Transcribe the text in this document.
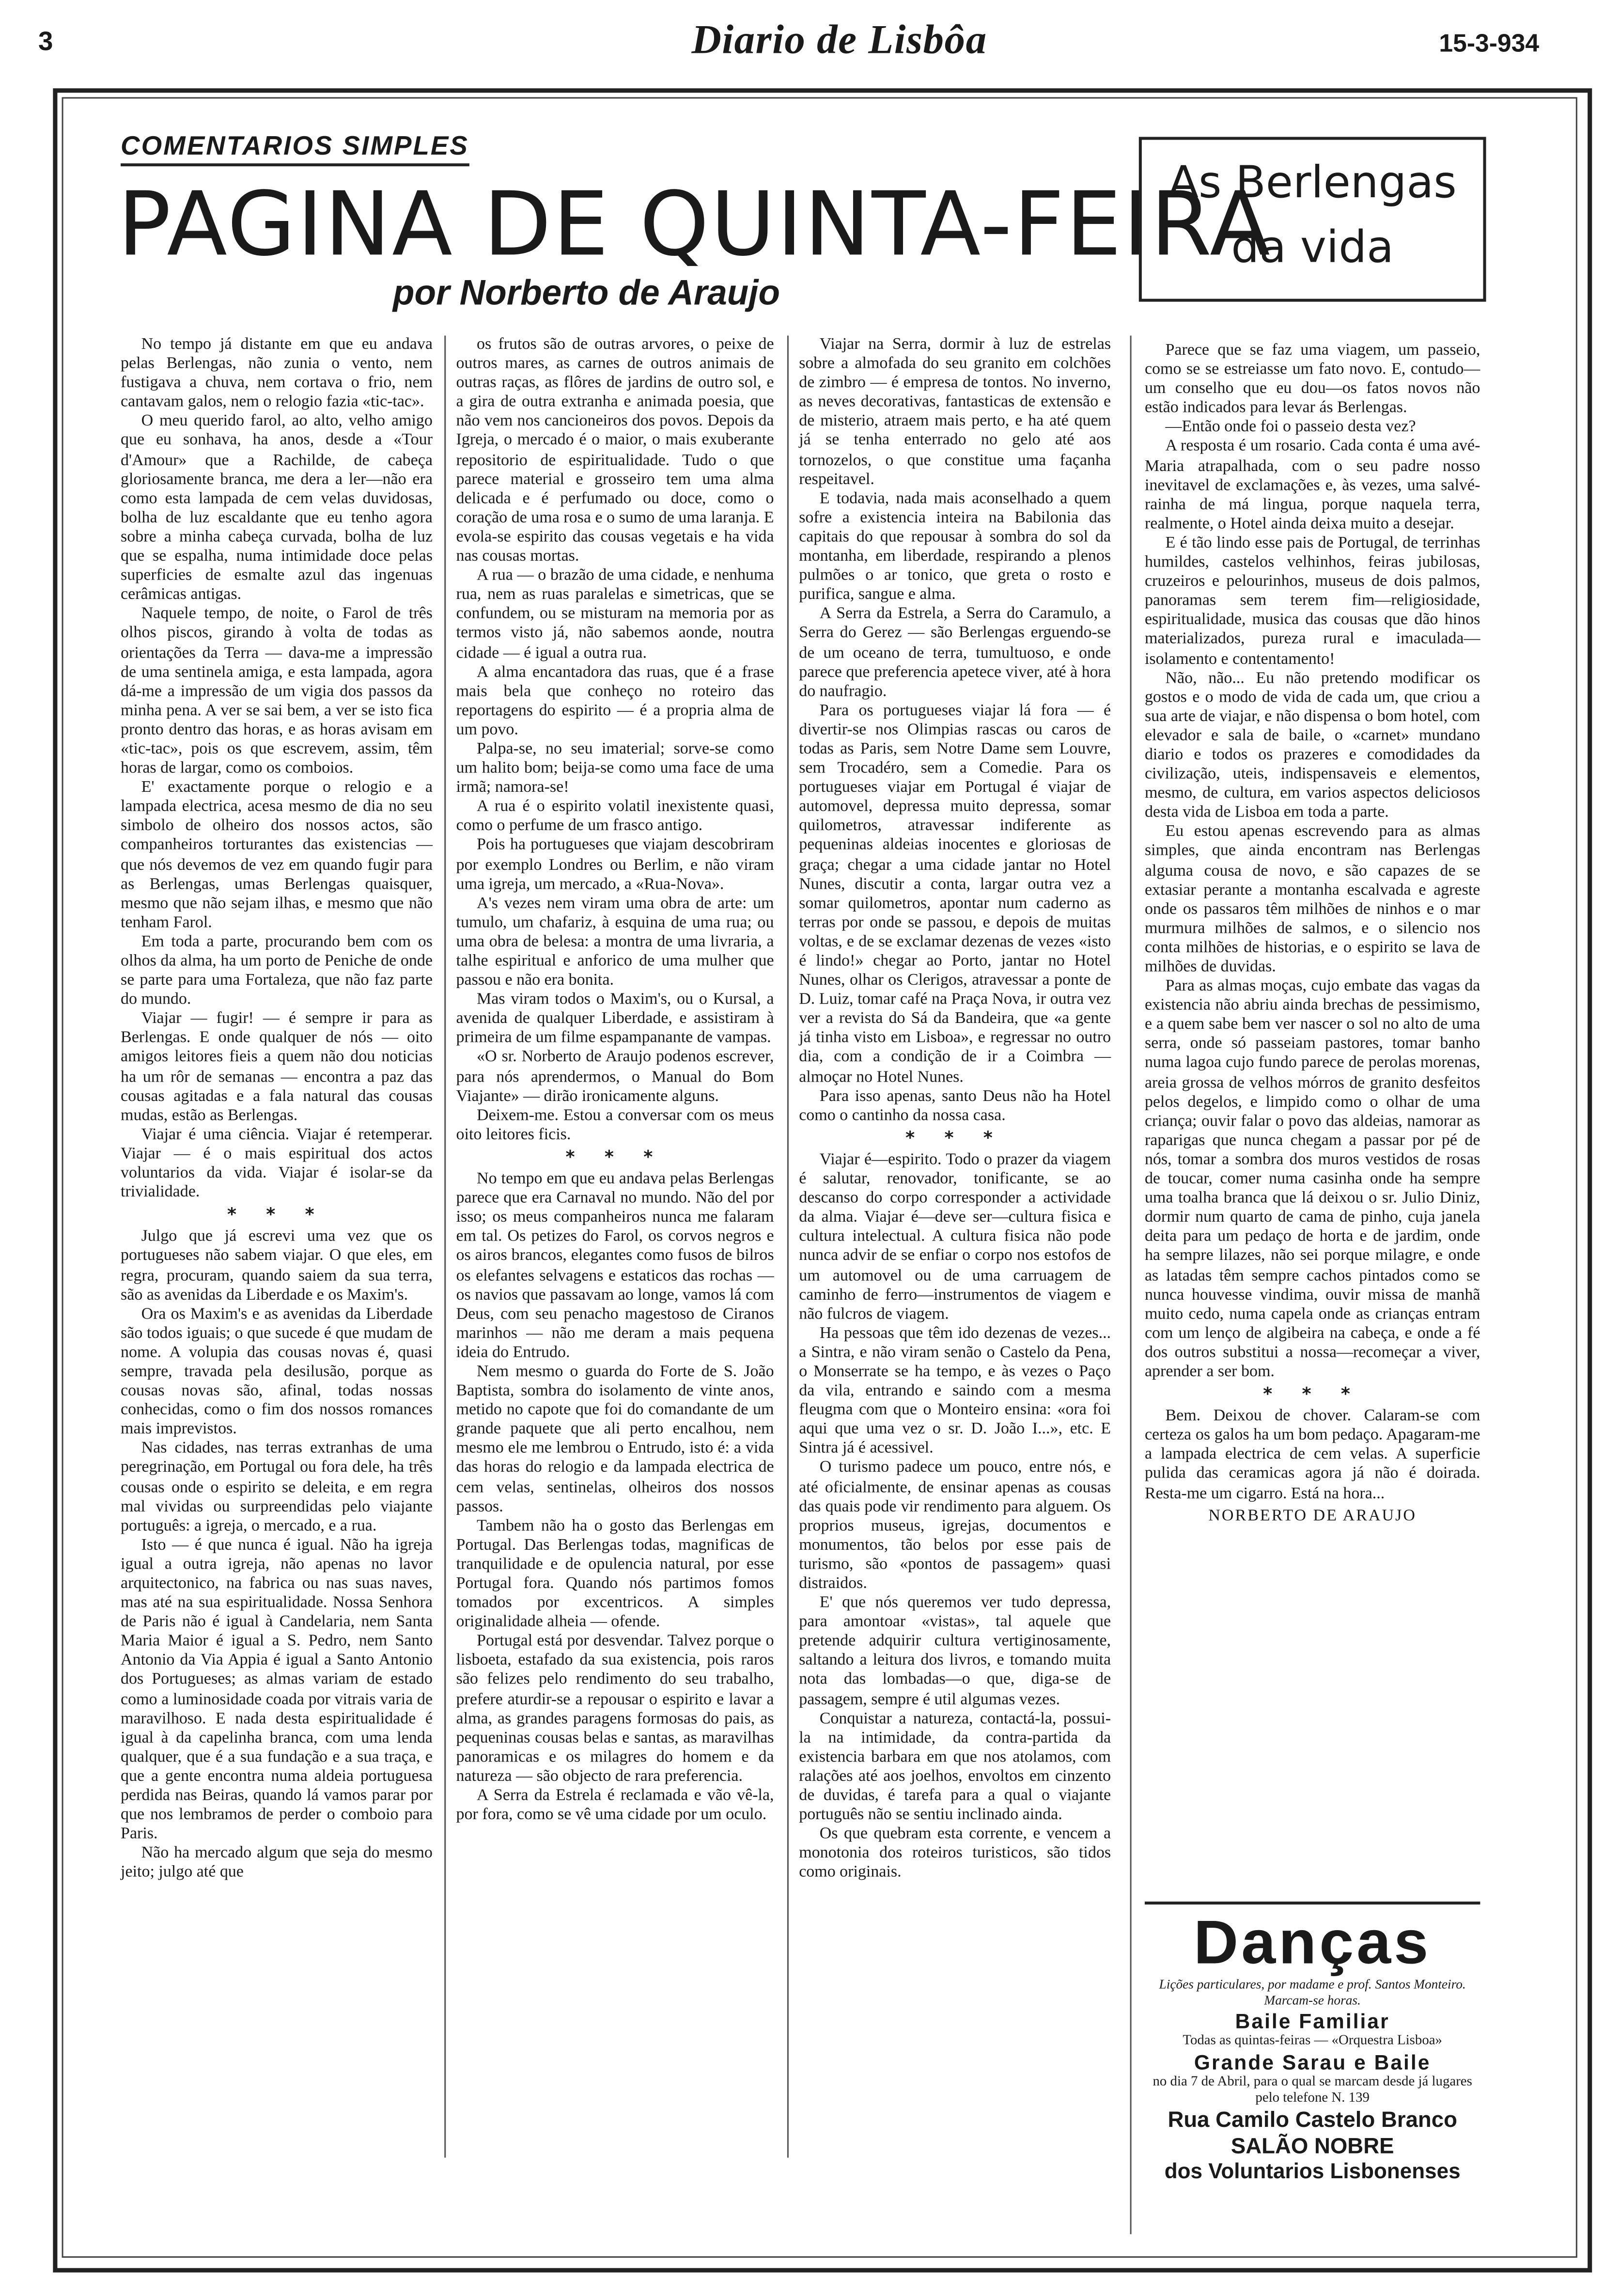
3	Diario de Lisbôa	15-3-934
COMENTARIOS SIMPLES
PAGINA DE QUINTA-FEIRA
por Norberto de Araujo
As Berlengas
da vida

No tempo já distante em que eu andava pelas Berlengas, não zunia o vento, nem fustigava a chuva, nem cortava o frio, nem cantavam galos, nem o relogio fazia «tic-tac».

O meu querido farol, ao alto, velho amigo que eu sonhava, ha anos, desde a «Tour d'Amour» que a Rachilde, de cabeça gloriosamente branca, me dera a ler—não era como esta lampada de cem velas duvidosas, bolha de luz escaldante que eu tenho agora sobre a minha cabeça curvada, bolha de luz que se espalha, numa intimidade doce pelas superficies de esmalte azul das ingenuas cerâmicas antigas.

Naquele tempo, de noite, o Farol de três olhos piscos, girando à volta de todas as orientações da Terra — dava-me a impressão de uma sentinela amiga, e esta lampada, agora dá-me a impressão de um vigia dos passos da minha pena. A ver se sai bem, a ver se isto fica pronto dentro das horas, e as horas avisam em «tic-tac», pois os que escrevem, assim, têm horas de largar, como os comboios.

E' exactamente porque o relogio e a lampada electrica, acesa mesmo de dia no seu simbolo de olheiro dos nossos actos, são companheiros torturantes das existencias — que nós devemos de vez em quando fugir para as Berlengas, umas Berlengas quaisquer, mesmo que não sejam ilhas, e mesmo que não tenham Farol.

Em toda a parte, procurando bem com os olhos da alma, ha um porto de Peniche de onde se parte para uma Fortaleza, que não faz parte do mundo.

Viajar — fugir! — é sempre ir para as Berlengas. E onde qualquer de nós — oito amigos leitores fieis a quem não dou noticias ha um rôr de semanas — encontra a paz das cousas agitadas e a fala natural das cousas mudas, estão as Berlengas.

Viajar é uma ciência. Viajar é retemperar. Viajar — é o mais espiritual dos actos voluntarios da vida. Viajar é isolar-se da trivialidade.

* * *

Julgo que já escrevi uma vez que os portugueses não sabem viajar. O que eles, em regra, procuram, quando saiem da sua terra, são as avenidas da Liberdade e os Maxim's.

Ora os Maxim's e as avenidas da Liberdade são todos iguais; o que sucede é que mudam de nome. A volupia das cousas novas é, quasi sempre, travada pela desilusão, porque as cousas novas são, afinal, todas nossas conhecidas, como o fim dos nossos romances mais imprevistos.

Nas cidades, nas terras extranhas de uma peregrinação, em Portugal ou fora dele, ha três cousas onde o espirito se deleita, e em regra mal vividas ou surpreendidas pelo viajante português: a igreja, o mercado, e a rua.

Isto — é que nunca é igual. Não ha igreja igual a outra igreja, não apenas no lavor arquitectonico, na fabrica ou nas suas naves, mas até na sua espiritualidade. Nossa Senhora de Paris não é igual à Candelaria, nem Santa Maria Maior é igual a S. Pedro, nem Santo Antonio da Via Appia é igual a Santo Antonio dos Portugueses; as almas variam de estado como a luminosidade coada por vitrais varia de maravilhoso. E nada desta espiritualidade é igual à da capelinha branca, com uma lenda qualquer, que é a sua fundação e a sua traça, e que a gente encontra numa aldeia portuguesa perdida nas Beiras, quando lá vamos parar por que nos lembramos de perder o comboio para Paris.

Não ha mercado algum que seja do mesmo jeito; julgo até que

os frutos são de outras arvores, o peixe de outros mares, as carnes de outros animais de outras raças, as flôres de jardins de outro sol, e a gira de outra extranha e animada poesia, que não vem nos cancioneiros dos povos. Depois da Igreja, o mercado é o maior, o mais exuberante repositorio de espiritualidade. Tudo o que parece material e grosseiro tem uma alma delicada e é perfumado ou doce, como o coração de uma rosa e o sumo de uma laranja. E evola-se espirito das cousas vegetais e ha vida nas cousas mortas.

A rua — o brazão de uma cidade, e nenhuma rua, nem as ruas paralelas e simetricas, que se confundem, ou se misturam na memoria por as termos visto já, não sabemos aonde, noutra cidade — é igual a outra rua.

A alma encantadora das ruas, que é a frase mais bela que conheço no roteiro das reportagens do espirito — é a propria alma de um povo.

Palpa-se, no seu imaterial; sorve-se como um halito bom; beija-se como uma face de uma irmã; namora-se!

A rua é o espirito volatil inexistente quasi, como o perfume de um frasco antigo.

Pois ha portugueses que viajam descobriram por exemplo Londres ou Berlim, e não viram uma igreja, um mercado, a «Rua-Nova».

A's vezes nem viram uma obra de arte: um tumulo, um chafariz, à esquina de uma rua; ou uma obra de belesa: a montra de uma livraria, a talhe espiritual e anforico de uma mulher que passou e não era bonita.

Mas viram todos o Maxim's, ou o Kursal, a avenida de qualquer Liberdade, e assistiram à primeira de um filme espampanante de vampas.

«O sr. Norberto de Araujo podenos escrever, para nós aprendermos, o Manual do Bom Viajante» — dirão ironicamente alguns.

Deixem-me. Estou a conversar com os meus oito leitores ficis.

* * *

No tempo em que eu andava pelas Berlengas parece que era Carnaval no mundo. Não del por isso; os meus companheiros nunca me falaram em tal. Os petizes do Farol, os corvos negros e os airos brancos, elegantes como fusos de bilros os elefantes selvagens e estaticos das rochas — os navios que passavam ao longe, vamos lá com Deus, com seu penacho magestoso de Ciranos marinhos — não me deram a mais pequena ideia do Entrudo.

Nem mesmo o guarda do Forte de S. João Baptista, sombra do isolamento de vinte anos, metido no capote que foi do comandante de um grande paquete que ali perto encalhou, nem mesmo ele me lembrou o Entrudo, isto é: a vida das horas do relogio e da lampada electrica de cem velas, sentinelas, olheiros dos nossos passos.

Tambem não ha o gosto das Berlengas em Portugal. Das Berlengas todas, magnificas de tranquilidade e de opulencia natural, por esse Portugal fora. Quando nós partimos fomos tomados por excentricos. A simples originalidade alheia — ofende.

Portugal está por desvendar. Talvez porque o lisboeta, estafado da sua existencia, pois raros são felizes pelo rendimento do seu trabalho, prefere aturdir-se a repousar o espirito e lavar a alma, as grandes paragens formosas do pais, as pequeninas cousas belas e santas, as maravilhas panoramicas e os milagres do homem e da natureza — são objecto de rara preferencia.

A Serra da Estrela é reclamada e vão vê-la, por fora, como se vê uma cidade por um oculo.

Viajar na Serra, dormir à luz de estrelas sobre a almofada do seu granito em colchões de zimbro — é empresa de tontos. No inverno, as neves decorativas, fantasticas de extensão e de misterio, atraem mais perto, e ha até quem já se tenha enterrado no gelo até aos tornozelos, o que constitue uma façanha respeitavel.

E todavia, nada mais aconselhado a quem sofre a existencia inteira na Babilonia das capitais do que repousar à sombra do sol da montanha, em liberdade, respirando a plenos pulmões o ar tonico, que greta o rosto e purifica, sangue e alma.

A Serra da Estrela, a Serra do Caramulo, a Serra do Gerez — são Berlengas erguendo-se de um oceano de terra, tumultuoso, e onde parece que preferencia apetece viver, até à hora do naufragio.

Para os portugueses viajar lá fora — é divertir-se nos Olimpias rascas ou caros de todas as Paris, sem Notre Dame sem Louvre, sem Trocadéro, sem a Comedie. Para os portugueses viajar em Portugal é viajar de automovel, depressa muito depressa, somar quilometros, atravessar indiferente as pequeninas aldeias inocentes e gloriosas de graça; chegar a uma cidade jantar no Hotel Nunes, discutir a conta, largar outra vez a somar quilometros, apontar num caderno as terras por onde se passou, e depois de muitas voltas, e de se exclamar dezenas de vezes «isto é lindo!» chegar ao Porto, jantar no Hotel Nunes, olhar os Clerigos, atravessar a ponte de D. Luiz, tomar café na Praça Nova, ir outra vez ver a revista do Sá da Bandeira, que «a gente já tinha visto em Lisboa», e regressar no outro dia, com a condição de ir a Coimbra — almoçar no Hotel Nunes.

Para isso apenas, santo Deus não ha Hotel como o cantinho da nossa casa.

* * *

Viajar é—espirito. Todo o prazer da viagem é salutar, renovador, tonificante, se ao descanso do corpo corresponder a actividade da alma. Viajar é—deve ser—cultura fisica e cultura intelectual. A cultura fisica não pode nunca advir de se enfiar o corpo nos estofos de um automovel ou de uma carruagem de caminho de ferro—instrumentos de viagem e não fulcros de viagem.

Ha pessoas que têm ido dezenas de vezes... a Sintra, e não viram senão o Castelo da Pena, o Monserrate se ha tempo, e às vezes o Paço da vila, entrando e saindo com a mesma fleugma com que o Monteiro ensina: «ora foi aqui que uma vez o sr. D. João I...», etc. E Sintra já é acessivel.

O turismo padece um pouco, entre nós, e até oficialmente, de ensinar apenas as cousas das quais pode vir rendimento para alguem. Os proprios museus, igrejas, documentos e monumentos, tão belos por esse pais de turismo, são «pontos de passagem» quasi distraidos.

E' que nós queremos ver tudo depressa, para amontoar «vistas», tal aquele que pretende adquirir cultura vertiginosamente, saltando a leitura dos livros, e tomando muita nota das lombadas—o que, diga-se de passagem, sempre é util algumas vezes.

Conquistar a natureza, contactá-la, possui-la na intimidade, da contra-partida da existencia barbara em que nos atolamos, com ralações até aos joelhos, envoltos em cinzento de duvidas, é tarefa para a qual o viajante português não se sentiu inclinado ainda.

Os que quebram esta corrente, e vencem a monotonia dos roteiros turisticos, são tidos como originais.

Parece que se faz uma viagem, um passeio, como se se estreiasse um fato novo. E, contudo—um conselho que eu dou—os fatos novos não estão indicados para levar ás Berlengas.

—Então onde foi o passeio desta vez?

A resposta é um rosario. Cada conta é uma avé-Maria atrapalhada, com o seu padre nosso inevitavel de exclamações e, às vezes, uma salvé-rainha de má lingua, porque naquela terra, realmente, o Hotel ainda deixa muito a desejar.

E é tão lindo esse pais de Portugal, de terrinhas humildes, castelos velhinhos, feiras jubilosas, cruzeiros e pelourinhos, museus de dois palmos, panoramas sem terem fim—religiosidade, espiritualidade, musica das cousas que dão hinos materializados, pureza rural e imaculada—isolamento e contentamento!

Não, não... Eu não pretendo modificar os gostos e o modo de vida de cada um, que criou a sua arte de viajar, e não dispensa o bom hotel, com elevador e sala de baile, o «carnet» mundano diario e todos os prazeres e comodidades da civilização, uteis, indispensaveis e elementos, mesmo, de cultura, em varios aspectos deliciosos desta vida de Lisboa em toda a parte.

Eu estou apenas escrevendo para as almas simples, que ainda encontram nas Berlengas alguma cousa de novo, e são capazes de se extasiar perante a montanha escalvada e agreste onde os passaros têm milhões de ninhos e o mar murmura milhões de salmos, e o silencio nos conta milhões de historias, e o espirito se lava de milhões de duvidas.

Para as almas moças, cujo embate das vagas da existencia não abriu ainda brechas de pessimismo, e a quem sabe bem ver nascer o sol no alto de uma serra, onde só passeiam pastores, tomar banho numa lagoa cujo fundo parece de perolas morenas, areia grossa de velhos mórros de granito desfeitos pelos degelos, e limpido como o olhar de uma criança; ouvir falar o povo das aldeias, namorar as raparigas que nunca chegam a passar por pé de nós, tomar a sombra dos muros vestidos de rosas de toucar, comer numa casinha onde ha sempre uma toalha branca que lá deixou o sr. Julio Diniz, dormir num quarto de cama de pinho, cuja janela deita para um pedaço de horta e de jardim, onde ha sempre lilazes, não sei porque milagre, e onde as latadas têm sempre cachos pintados como se nunca houvesse vindima, ouvir missa de manhã muito cedo, numa capela onde as crianças entram com um lenço de algibeira na cabeça, e onde a fé dos outros substitui a nossa—recomeçar a viver, aprender a ser bom.

* * *

Bem. Deixou de chover. Calaram-se com certeza os galos ha um bom pedaço. Apagaram-me a lampada electrica de cem velas. A superficie pulida das ceramicas agora já não é doirada. Resta-me um cigarro. Está na hora...

NORBERTO DE ARAUJO

Danças
Lições particulares, por madame e prof. Santos Monteiro. Marcam-se horas.
Baile Familiar
Todas as quintas-feiras — «Orquestra Lisboa»
Grande Sarau e Baile
no dia 7 de Abril, para o qual se marcam desde já lugares pelo telefone N. 139
Rua Camilo Castelo Branco
SALÃO NOBRE
dos Voluntarios Lisbonenses
